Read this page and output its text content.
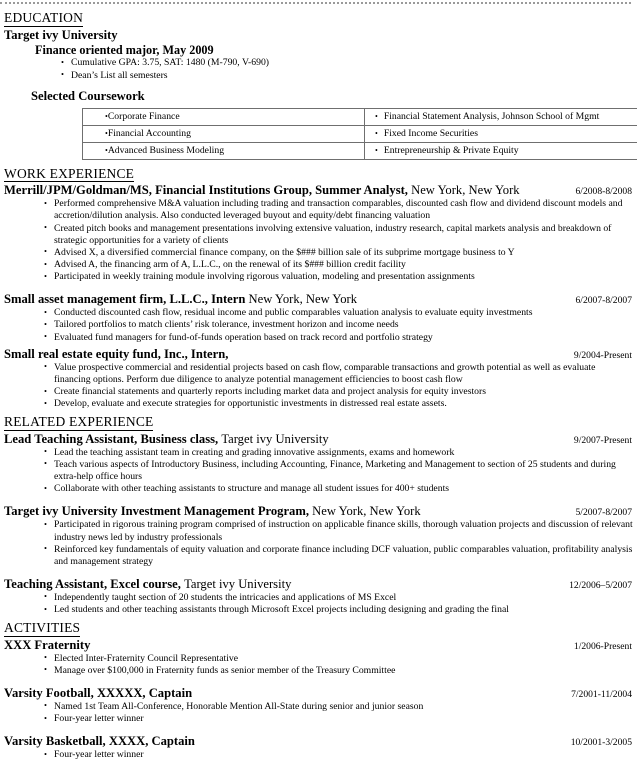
EDUCATION
Target ivy University
Finance oriented major, May 2009
• Cumulative GPA: 3.75, SAT: 1480 (M-790, V-690)
• Dean’s List all semesters
Selected Coursework
• Corporate Finance	•Financial Statement Analysis, Johnson School of Mgmt
• Financial Accounting	•Fixed Income Securities
• Advanced Business Modeling	•Entrepreneurship & Private Equity
WORK EXPERIENCE
Merrill/JPM/Goldman/MS, Financial Institutions Group, Summer Analyst, New York, New York	6/2008-8/2008
• Performed comprehensive M&A valuation including trading and transaction comparables, discounted cash flow and dividend discount models and accretion/dilution analysis. Also conducted leveraged buyout and equity/debt financing valuation
• Created pitch books and management presentations involving extensive valuation, industry research, capital markets analysis and breakdown of strategic opportunities for a variety of clients
• Advised X, a diversified commercial finance company, on the $### billion sale of its subprime mortgage business to Y
• Advised A, the financing arm of A, L.L.C., on the renewal of its $### billion credit facility
• Participated in weekly training module involving rigorous valuation, modeling and presentation assignments
Small asset management firm, L.L.C., Intern New York, New York	6/2007-8/2007
• Conducted discounted cash flow, residual income and public comparables valuation analysis to evaluate equity investments
• Tailored portfolios to match clients’ risk tolerance, investment horizon and income needs
• Evaluated fund managers for fund-of-funds operation based on track record and portfolio strategy
Small real estate equity fund, Inc., Intern,	9/2004-Present
• Value prospective commercial and residential projects based on cash flow, comparable transactions and growth potential as well as evaluate financing options. Perform due diligence to analyze potential management efficiencies to boost cash flow
• Create financial statements and quarterly reports including market data and project analysis for equity investors
• Develop, evaluate and execute strategies for opportunistic investments in distressed real estate assets.
RELATED EXPERIENCE
Lead Teaching Assistant, Business class, Target ivy University	9/2007-Present
• Lead the teaching assistant team in creating and grading innovative assignments, exams and homework
• Teach various aspects of Introductory Business, including Accounting, Finance, Marketing and Management to section of 25 students and during extra-help office hours
• Collaborate with other teaching assistants to structure and manage all student issues for 400+ students
Target ivy University Investment Management Program, New York, New York	5/2007-8/2007
• Participated in rigorous training program comprised of instruction on applicable finance skills, thorough valuation projects and discussion of relevant industry news led by industry professionals
• Reinforced key fundamentals of equity valuation and corporate finance including DCF valuation, public comparables valuation, profitability analysis and management strategy
Teaching Assistant, Excel course, Target ivy University	12/2006–5/2007
• Independently taught section of 20 students the intricacies and applications of MS Excel
• Led students and other teaching assistants through Microsoft Excel projects including designing and grading the final
ACTIVITIES
XXX Fraternity	1/2006-Present
• Elected Inter-Fraternity Council Representative
• Manage over $100,000 in Fraternity funds as senior member of the Treasury Committee
Varsity Football, XXXXX, Captain	7/2001-11/2004
• Named 1st Team All-Conference, Honorable Mention All-State during senior and junior season
• Four-year letter winner
Varsity Basketball, XXXX, Captain	10/2001-3/2005
• Four-year letter winner
